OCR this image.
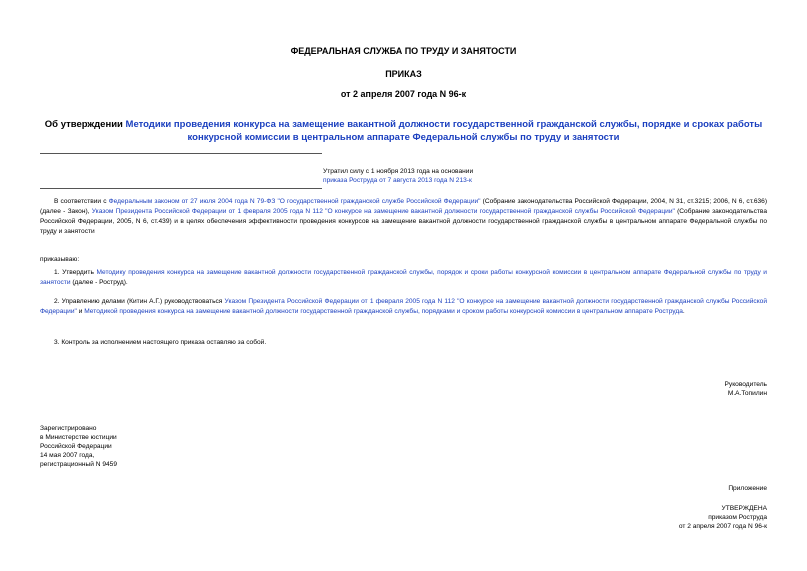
ФЕДЕРАЛЬНАЯ СЛУЖБА ПО ТРУДУ И ЗАНЯТОСТИ
ПРИКАЗ
от 2 апреля 2007 года N 96-к
Об утверждении Методики проведения конкурса на замещение вакантной должности государственной гражданской службы, порядке и сроках работы конкурсной комиссии в центральном аппарате Федеральной службы по труду и занятости
Утратил силу с 1 ноября 2013 года на основании
приказа Роструда от 7 августа 2013 года N 213-к
В соответствии с Федеральным законом от 27 июля 2004 года N 79-ФЗ "О государственной гражданской службе Российской Федерации" (Собрание законодательства Российской Федерации, 2004, N 31, ст.3215; 2006, N 6, ст.636) (далее - Закон), Указом Президента Российской Федерации от 1 февраля 2005 года N 112 "О конкурсе на замещение вакантной должности государственной гражданской службы Российской Федерации" (Собрание законодательства Российской Федерации, 2005, N 6, ст.439) и в целях обеспечения эффективности проведения конкурсов на замещение вакантной должности государственной гражданской службы в центральном аппарате Федеральной службы по труду и занятости
приказываю:
1. Утвердить Методику проведения конкурса на замещение вакантной должности государственной гражданской службы, порядок и сроки работы конкурсной комиссии в центральном аппарате Федеральной службы по труду и занятости (далее - Роструд).
2. Управлению делами (Китин А.Г.) руководствоваться Указом Президента Российской Федерации от 1 февраля 2005 года N 112 "О конкурсе на замещение вакантной должности государственной гражданской службы Российской Федерации" и Методикой проведения конкурса на замещение вакантной должности государственной гражданской службы, порядками и сроком работы конкурсной комиссии в центральном аппарате Роструда.
3. Контроль за исполнением настоящего приказа оставляю за собой.
Руководитель
М.А.Топилин
Зарегистрировано
в Министерстве юстиции
Российской Федерации
14 мая 2007 года,
регистрационный N 9459
Приложение
УТВЕРЖДЕНА
приказом Роструда
от 2 апреля 2007 года N 96-к
